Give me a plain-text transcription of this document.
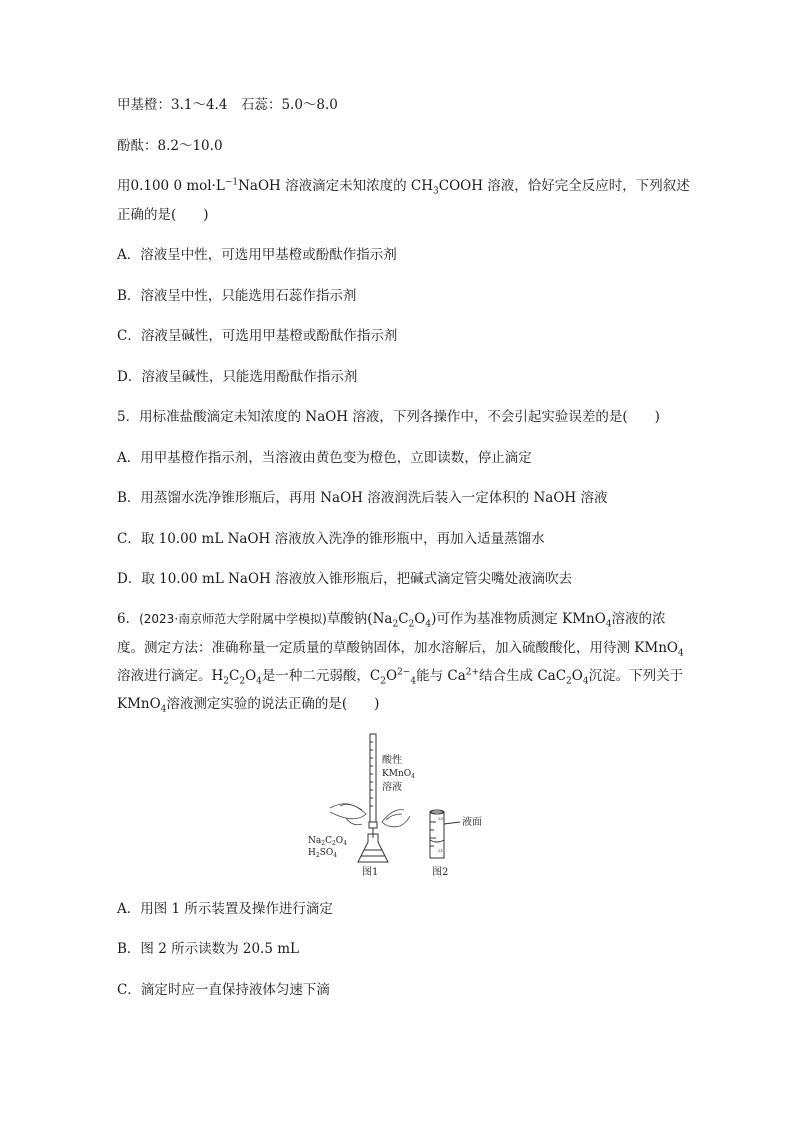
甲基橙：3.1～4.4　石蕊：5.0～8.0
酚酞：8.2～10.0
用0.100 0 $mol\cdot L^{-1}NaOH$ 溶液滴定未知浓度的 $CH_3COOH$ 溶液，恰好完全反应时，下列叙述
正确的是(　　)
A．溶液呈中性，可选用甲基橙或酚酞作指示剂
B．溶液呈中性，只能选用石蕊作指示剂
C．溶液呈碱性，可选用甲基橙或酚酞作指示剂
D．溶液呈碱性，只能选用酚酞作指示剂
5．用标准盐酸滴定未知浓度的 NaOH 溶液，下列各操作中，不会引起实验误差的是(　　)
A．用甲基橙作指示剂，当溶液由黄色变为橙色，立即读数，停止滴定
B．用蒸馏水洗净锥形瓶后，再用 NaOH 溶液润洗后装入一定体积的 NaOH 溶液
C．取 10.00 mL NaOH 溶液放入洗净的锥形瓶中，再加入适量蒸馏水
D．取 10.00 mL NaOH 溶液放入锥形瓶后，把碱式滴定管尖嘴处液滴吹去
6．(2023·南京师范大学附属中学模拟)草酸钠$(Na_2C_2O_4)$可作为基准物质测定 KMnO$_4$溶液的浓
度。测定方法：准确称量一定质量的草酸钠固体，加水溶解后，加入硫酸酸化，用待测 KMnO$_4$
溶液进行滴定。$H_2C_2O_4$是一种二元弱酸，$C_2O^{2-}_4$能与 $Ca^{2+}$结合生成 $CaC_2O_4$沉淀。下列关于
KMnO$_4$溶液测定实验的说法正确的是(　　)
20
21
酸性
KMnO$_4$
溶液
$Na_2C_2O_4$
$H_2SO_4$
液面
图1	图2
A．用图 1 所示装置及操作进行滴定
B．图 2 所示读数为 20.5 mL
C．滴定时应一直保持液体匀速下滴
